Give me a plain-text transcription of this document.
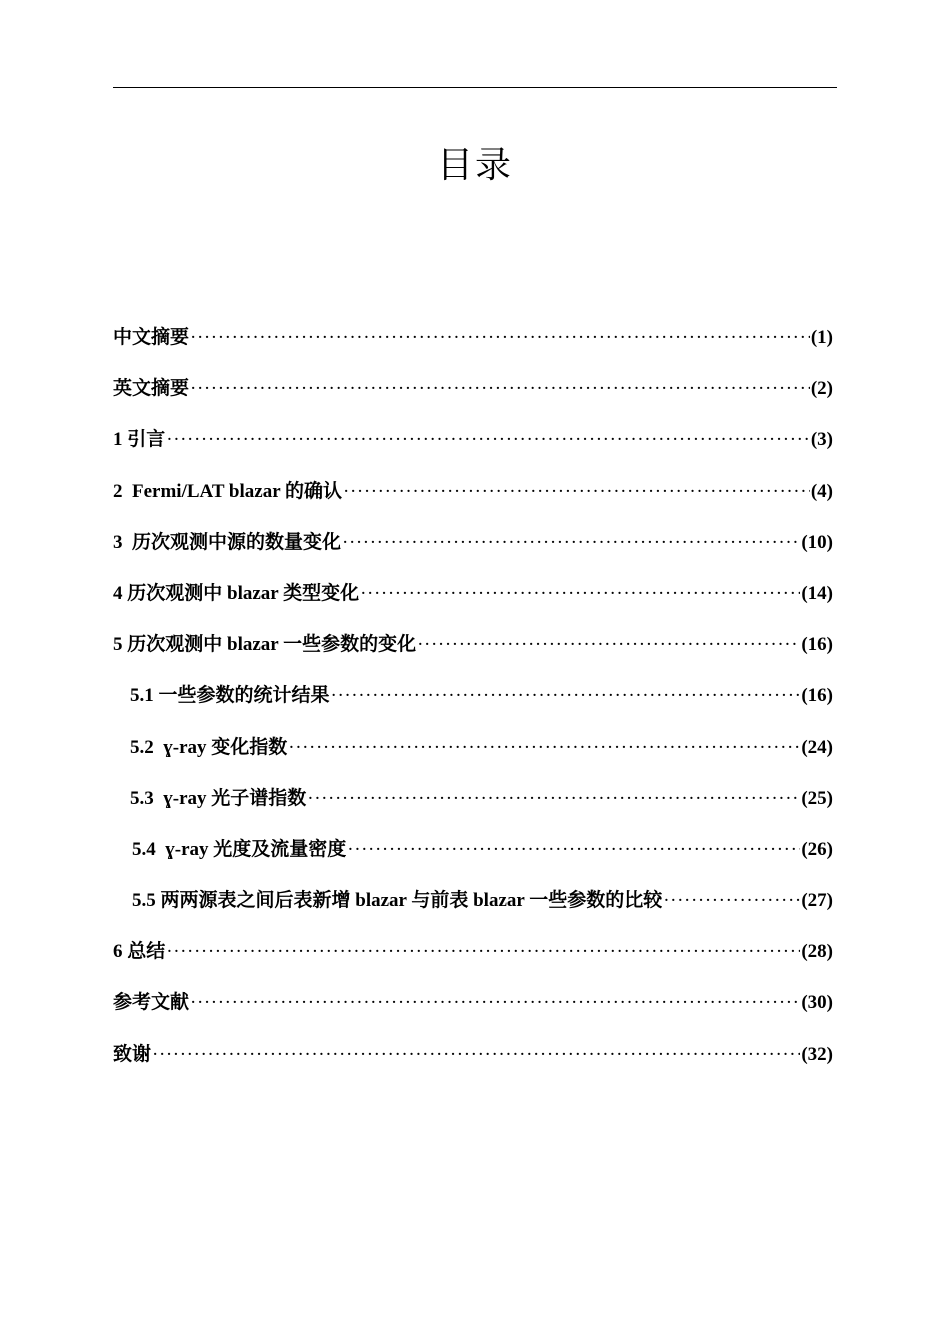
目录
中文摘要 ·····	(1)
英文摘要 ·····	(2)
1 引言 ·····	(3)
2  Fermi/LAT blazar 的确认 ·····	(4)
3  历次观测中源的数量变化 ·····	(10)
4 历次观测中 blazar 类型变化 ·····	(14)
5 历次观测中 blazar 一些参数的变化 ·····	(16)
5.1 一些参数的统计结果 ·····	(16)
5.2  ɣ-ray 变化指数 ·····	(24)
5.3  ɣ-ray 光子谱指数 ·····	(25)
5.4  ɣ-ray 光度及流量密度 ·····	(26)
5.5 两两源表之间后表新增 blazar 与前表 blazar 一些参数的比较 ·····	(27)
6 总结 ·····	(28)
参考文献 ·····	(30)
致谢 ·····	(32)
